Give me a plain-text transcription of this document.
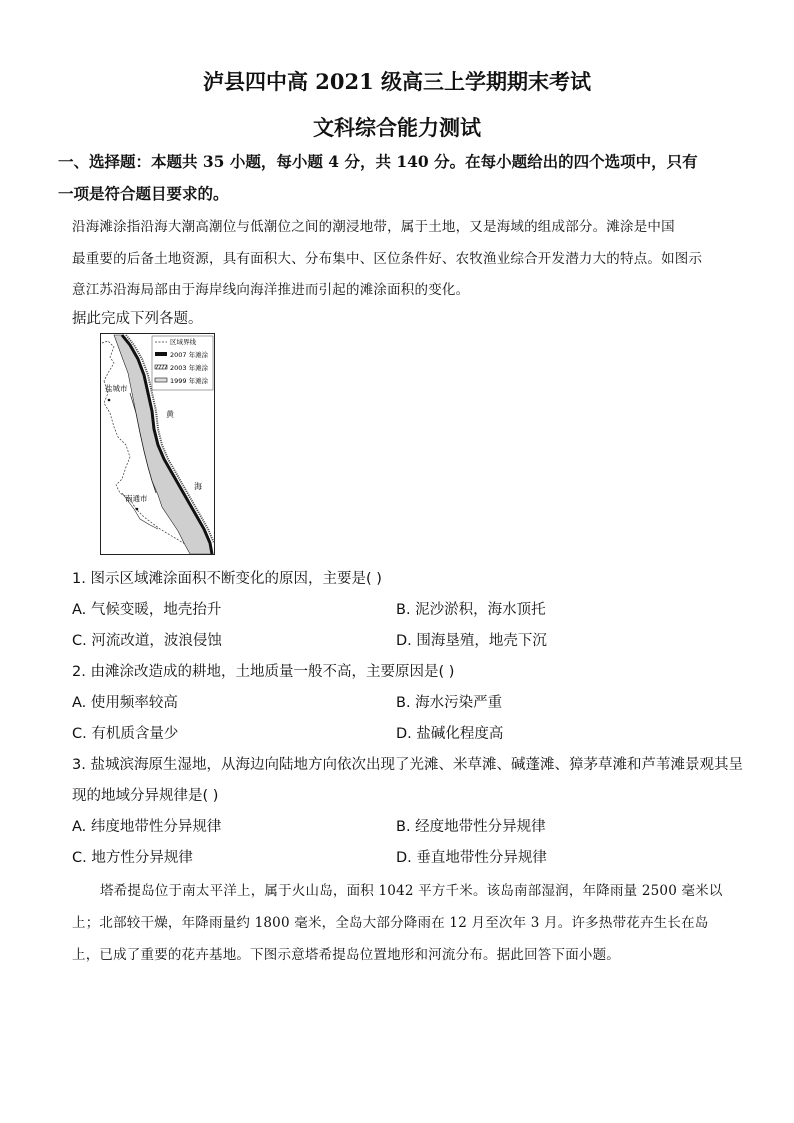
泸县四中高 2021 级高三上学期期末考试
文科综合能力测试
一、选择题：本题共 35 小题，每小题 4 分，共 140 分。在每小题给出的四个选项中，只有
一项是符合题目要求的。
沿海滩涂指沿海大潮高潮位与低潮位之间的潮浸地带，属于土地，又是海域的组成部分。滩涂是中国
最重要的后备土地资源，具有面积大、分布集中、区位条件好、农牧渔业综合开发潜力大的特点。如图示
意江苏沿海局部由于海岸线向海洋推进而引起的滩涂面积的变化。
据此完成下列各题。
区域界线
2007 年滩涂
2003 年滩涂
1999 年滩涂
盐城市
南通市
黄
海
1. 图示区域滩涂面积不断变化的原因，主要是( )
A. 气候变暖，地壳抬升	B. 泥沙淤积，海水顶托
C. 河流改道，波浪侵蚀	D. 围海垦殖，地壳下沉
2. 由滩涂改造成的耕地，土地质量一般不高，主要原因是( )
A. 使用频率较高	B. 海水污染严重
C. 有机质含量少	D. 盐碱化程度高
3. 盐城滨海原生湿地，从海边向陆地方向依次出现了光滩、米草滩、碱蓬滩、獐茅草滩和芦苇滩景观其呈
现的地域分异规律是( )
A. 纬度地带性分异规律	B. 经度地带性分异规律
C. 地方性分异规律	D. 垂直地带性分异规律
塔希提岛位于南太平洋上，属于火山岛，面积 1042 平方千米。该岛南部湿润，年降雨量 2500 毫米以
上；北部较干燥，年降雨量约 1800 毫米，全岛大部分降雨在 12 月至次年 3 月。许多热带花卉生长在岛
上，已成了重要的花卉基地。下图示意塔希提岛位置地形和河流分布。据此回答下面小题。
